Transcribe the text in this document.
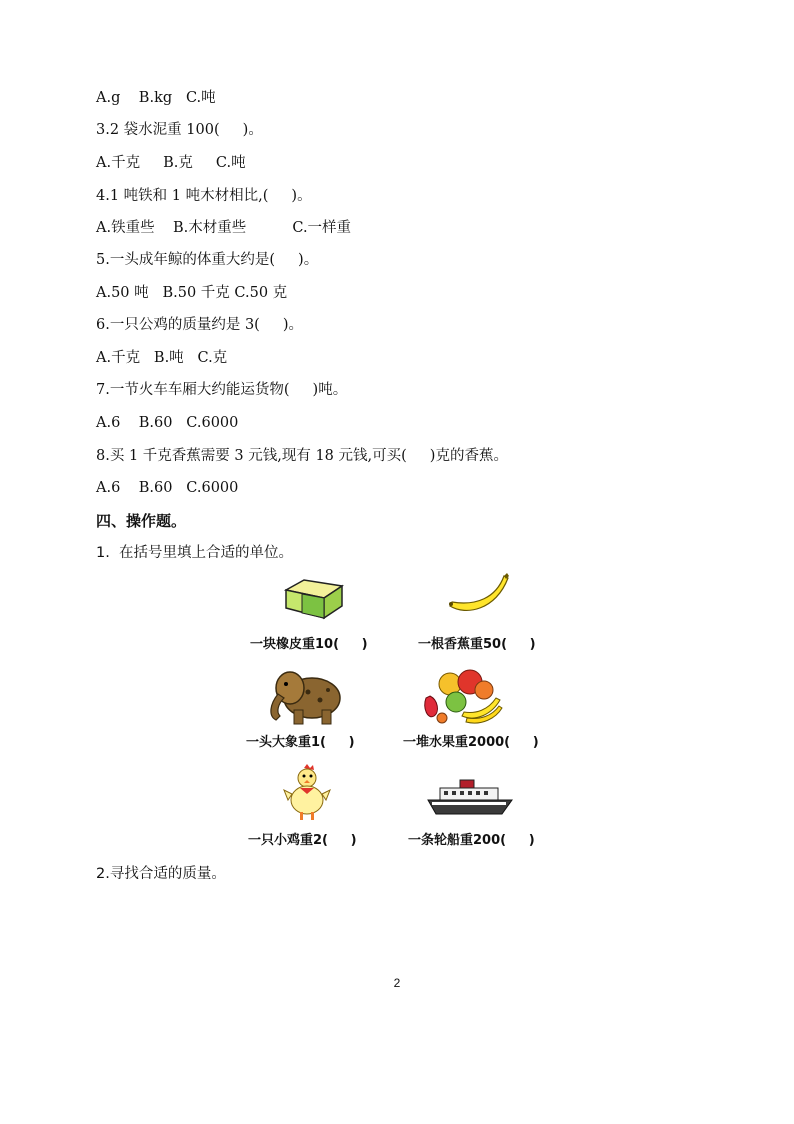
A.g    B.kg   C.吨
3.2 袋水泥重 100(     )。
A.千克     B.克     C.吨
4.1 吨铁和 1 吨木材相比,(     )。
A.铁重些    B.木材重些          C.一样重
5.一头成年鲸的体重大约是(     )。
A.50 吨   B.50 千克 C.50 克
6.一只公鸡的质量约是 3(     )。
A.千克   B.吨   C.克
7.一节火车车厢大约能运货物(     )吨。
A.6    B.60   C.6000
8.买 1 千克香蕉需要 3 元钱,现有 18 元钱,可买(     )克的香蕉。
A.6    B.60   C.6000
四、操作题。
1.  在括号里填上合适的单位。
一块橡皮重10(     )	一根香蕉重50(     )
一头大象重1(     )	一堆水果重2000(     )
一只小鸡重2(     )	一条轮船重200(     )
2.寻找合适的质量。
2
